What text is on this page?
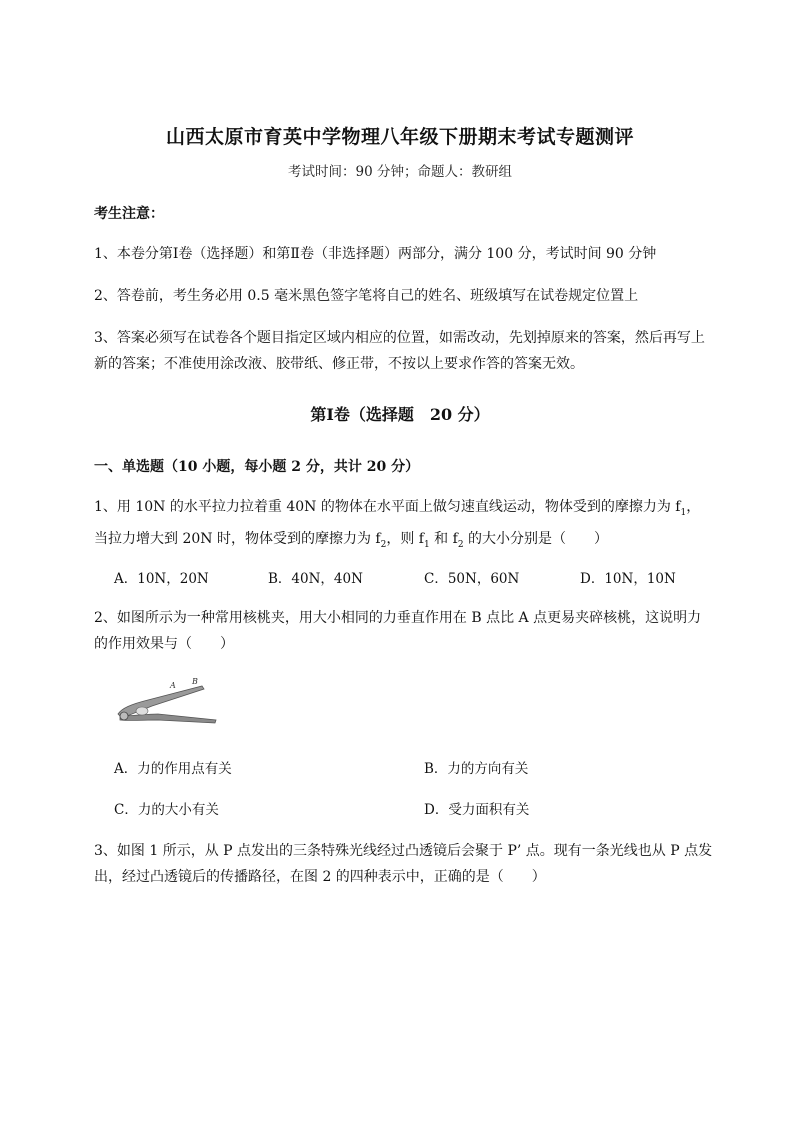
山西太原市育英中学物理八年级下册期末考试专题测评
考试时间：90 分钟；命题人：教研组
考生注意：
1、本卷分第Ⅰ卷（选择题）和第Ⅱ卷（非选择题）两部分，满分 100 分，考试时间 90 分钟
2、答卷前，考生务必用 0.5 毫米黑色签字笔将自己的姓名、班级填写在试卷规定位置上
3、答案必须写在试卷各个题目指定区域内相应的位置，如需改动，先划掉原来的答案，然后再写上新的答案；不准使用涂改液、胶带纸、修正带，不按以上要求作答的答案无效。
第Ⅰ卷（选择题　20 分）
一、单选题（10 小题，每小题 2 分，共计 20 分）
1、用 10N 的水平拉力拉着重 40N 的物体在水平面上做匀速直线运动，物体受到的摩擦力为 $f_1$，当拉力增大到 20N 时，物体受到的摩擦力为 $f_2$，则 $f_1$ 和 $f_2$ 的大小分别是（　　）
A．10N，20N	B．40N，40N	C．50N，60N	D．10N，10N
2、如图所示为一种常用核桃夹，用大小相同的力垂直作用在 B 点比 A 点更易夹碎核桃，这说明力的作用效果与（　　）
A B
A．力的作用点有关	B．力的方向有关
C．力的大小有关	D．受力面积有关
3、如图 1 所示，从 P 点发出的三条特殊光线经过凸透镜后会聚于 P’ 点。现有一条光线也从 P 点发出，经过凸透镜后的传播路径，在图 2 的四种表示中，正确的是（　　）
